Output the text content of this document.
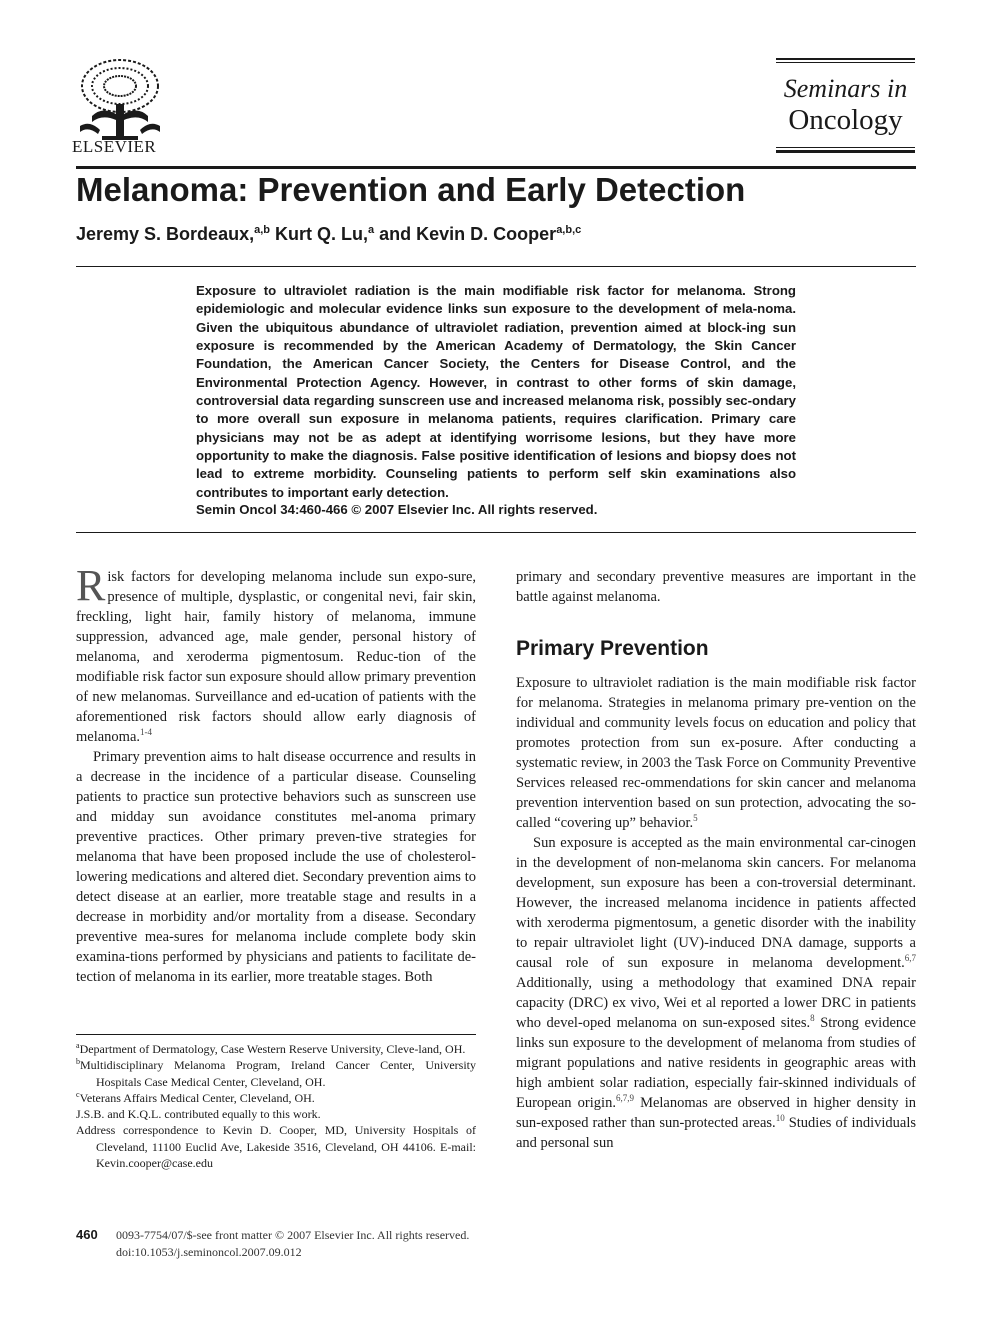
ELSEVIER
Seminars in
Oncology
Melanoma: Prevention and Early Detection
Jeremy S. Bordeaux,$^{a,b}$ Kurt Q. Lu,$^a$ and Kevin D. Cooper$^{a,b,c}$
Exposure to ultraviolet radiation is the main modifiable risk factor for melanoma. Strong epidemiologic and molecular evidence links sun exposure to the development of mela-noma. Given the ubiquitous abundance of ultraviolet radiation, prevention aimed at block-ing sun exposure is recommended by the American Academy of Dermatology, the Skin Cancer Foundation, the American Cancer Society, the Centers for Disease Control, and the Environmental Protection Agency. However, in contrast to other forms of skin damage, controversial data regarding sunscreen use and increased melanoma risk, possibly sec-ondary to more overall sun exposure in melanoma patients, requires clarification. Primary care physicians may not be as adept at identifying worrisome lesions, but they have more opportunity to make the diagnosis. False positive identification of lesions and biopsy does not lead to extreme morbidity. Counseling patients to perform self skin examinations also contributes to important early detection.
Semin Oncol 34:460-466 © 2007 Elsevier Inc. All rights reserved.

Risk factors for developing melanoma include sun expo-sure, presence of multiple, dysplastic, or congenital nevi, fair skin, freckling, light hair, family history of melanoma, immune suppression, advanced age, male gender, personal history of melanoma, and xeroderma pigmentosum. Reduc-tion of the modifiable risk factor sun exposure should allow primary prevention of new melanomas. Surveillance and ed-ucation of patients with the aforementioned risk factors should allow early diagnosis of melanoma.$^{1-4}$

Primary prevention aims to halt disease occurrence and results in a decrease in the incidence of a particular disease. Counseling patients to practice sun protective behaviors such as sunscreen use and midday sun avoidance constitutes mel-anoma primary preventive practices. Other primary preven-tive strategies for melanoma that have been proposed include the use of cholesterol-lowering medications and altered diet. Secondary prevention aims to detect disease at an earlier, more treatable stage and results in a decrease in morbidity and/or mortality from a disease. Secondary preventive mea-sures for melanoma include complete body skin examina-tions performed by physicians and patients to facilitate de-tection of melanoma in its earlier, more treatable stages. Both

primary and secondary preventive measures are important in the battle against melanoma.

Primary Prevention

Exposure to ultraviolet radiation is the main modifiable risk factor for melanoma. Strategies in melanoma primary pre-vention on the individual and community levels focus on education and policy that promotes protection from sun ex-posure. After conducting a systematic review, in 2003 the Task Force on Community Preventive Services released rec-ommendations for skin cancer and melanoma prevention intervention based on sun protection, advocating the so-called “covering up” behavior.$^5$

Sun exposure is accepted as the main environmental car-cinogen in the development of non-melanoma skin cancers. For melanoma development, sun exposure has been a con-troversial determinant. However, the increased melanoma incidence in patients affected with xeroderma pigmentosum, a genetic disorder with the inability to repair ultraviolet light (UV)-induced DNA damage, supports a causal role of sun exposure in melanoma development.$^{6,7}$ Additionally, using a methodology that examined DNA repair capacity (DRC) ex vivo, Wei et al reported a lower DRC in patients who devel-oped melanoma on sun-exposed sites.$^8$ Strong evidence links sun exposure to the development of melanoma from studies of migrant populations and native residents in geographic areas with high ambient solar radiation, especially fair-skinned individuals of European origin.$^{6,7,9}$ Melanomas are observed in higher density in sun-exposed rather than sun-protected areas.$^{10}$ Studies of individuals and personal sun

$^a$Department of Dermatology, Case Western Reserve University, Cleve-land, OH.
$^b$Multidisciplinary Melanoma Program, Ireland Cancer Center, University Hospitals Case Medical Center, Cleveland, OH.
$^c$Veterans Affairs Medical Center, Cleveland, OH.
J.S.B. and K.Q.L. contributed equally to this work.
Address correspondence to Kevin D. Cooper, MD, University Hospitals of Cleveland, 11100 Euclid Ave, Lakeside 3516, Cleveland, OH 44106. E-mail: Kevin.cooper@case.edu
460 0093-7754/07/$-see front matter © 2007 Elsevier Inc. All rights reserved.
doi:10.1053/j.seminoncol.2007.09.012
